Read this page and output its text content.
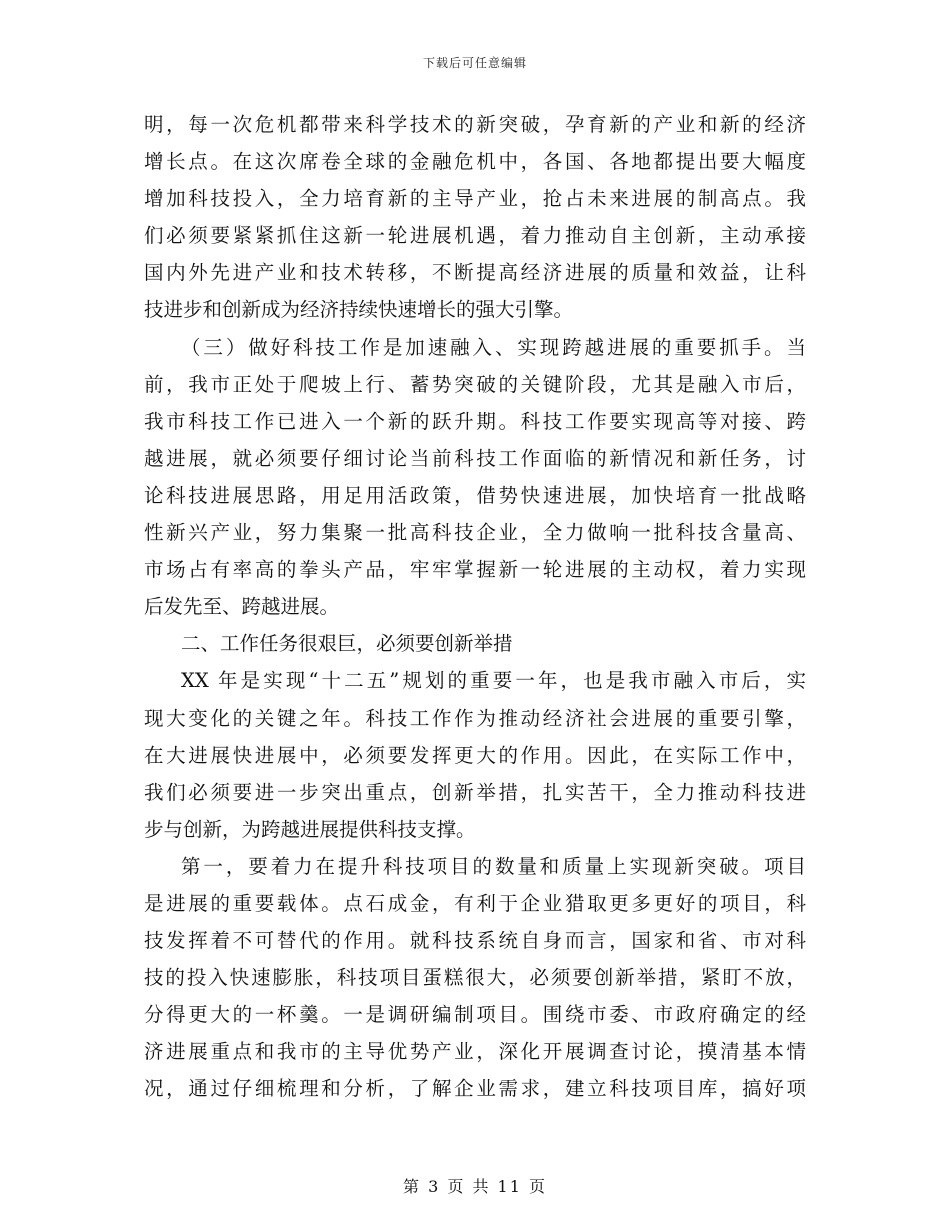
下载后可任意编辑
明，每一次危机都带来科学技术的新突破，孕育新的产业和新的经济
增长点。在这次席卷全球的金融危机中，各国、各地都提出要大幅度
增加科技投入，全力培育新的主导产业，抢占未来进展的制高点。我
们必须要紧紧抓住这新一轮进展机遇，着力推动自主创新，主动承接
国内外先进产业和技术转移，不断提高经济进展的质量和效益，让科
技进步和创新成为经济持续快速增长的强大引擎。
（三）做好科技工作是加速融入、实现跨越进展的重要抓手。当
前，我市正处于爬坡上行、蓄势突破的关键阶段，尤其是融入市后，
我市科技工作已进入一个新的跃升期。科技工作要实现高等对接、跨
越进展，就必须要仔细讨论当前科技工作面临的新情况和新任务，讨
论科技进展思路，用足用活政策，借势快速进展，加快培育一批战略
性新兴产业，努力集聚一批高科技企业，全力做响一批科技含量高、
市场占有率高的拳头产品，牢牢掌握新一轮进展的主动权，着力实现
后发先至、跨越进展。
二、工作任务很艰巨，必须要创新举措
XX 年是实现“十二五”规划的重要一年，也是我市融入市后，实
现大变化的关键之年。科技工作作为推动经济社会进展的重要引擎，
在大进展快进展中，必须要发挥更大的作用。因此，在实际工作中，
我们必须要进一步突出重点，创新举措，扎实苦干，全力推动科技进
步与创新，为跨越进展提供科技支撑。
第一，要着力在提升科技项目的数量和质量上实现新突破。项目
是进展的重要载体。点石成金，有利于企业猎取更多更好的项目，科
技发挥着不可替代的作用。就科技系统自身而言，国家和省、市对科
技的投入快速膨胀，科技项目蛋糕很大，必须要创新举措，紧盯不放，
分得更大的一杯羹。一是调研编制项目。围绕市委、市政府确定的经
济进展重点和我市的主导优势产业，深化开展调查讨论，摸清基本情
况，通过仔细梳理和分析，了解企业需求，建立科技项目库，搞好项
第 3 页 共 11 页
